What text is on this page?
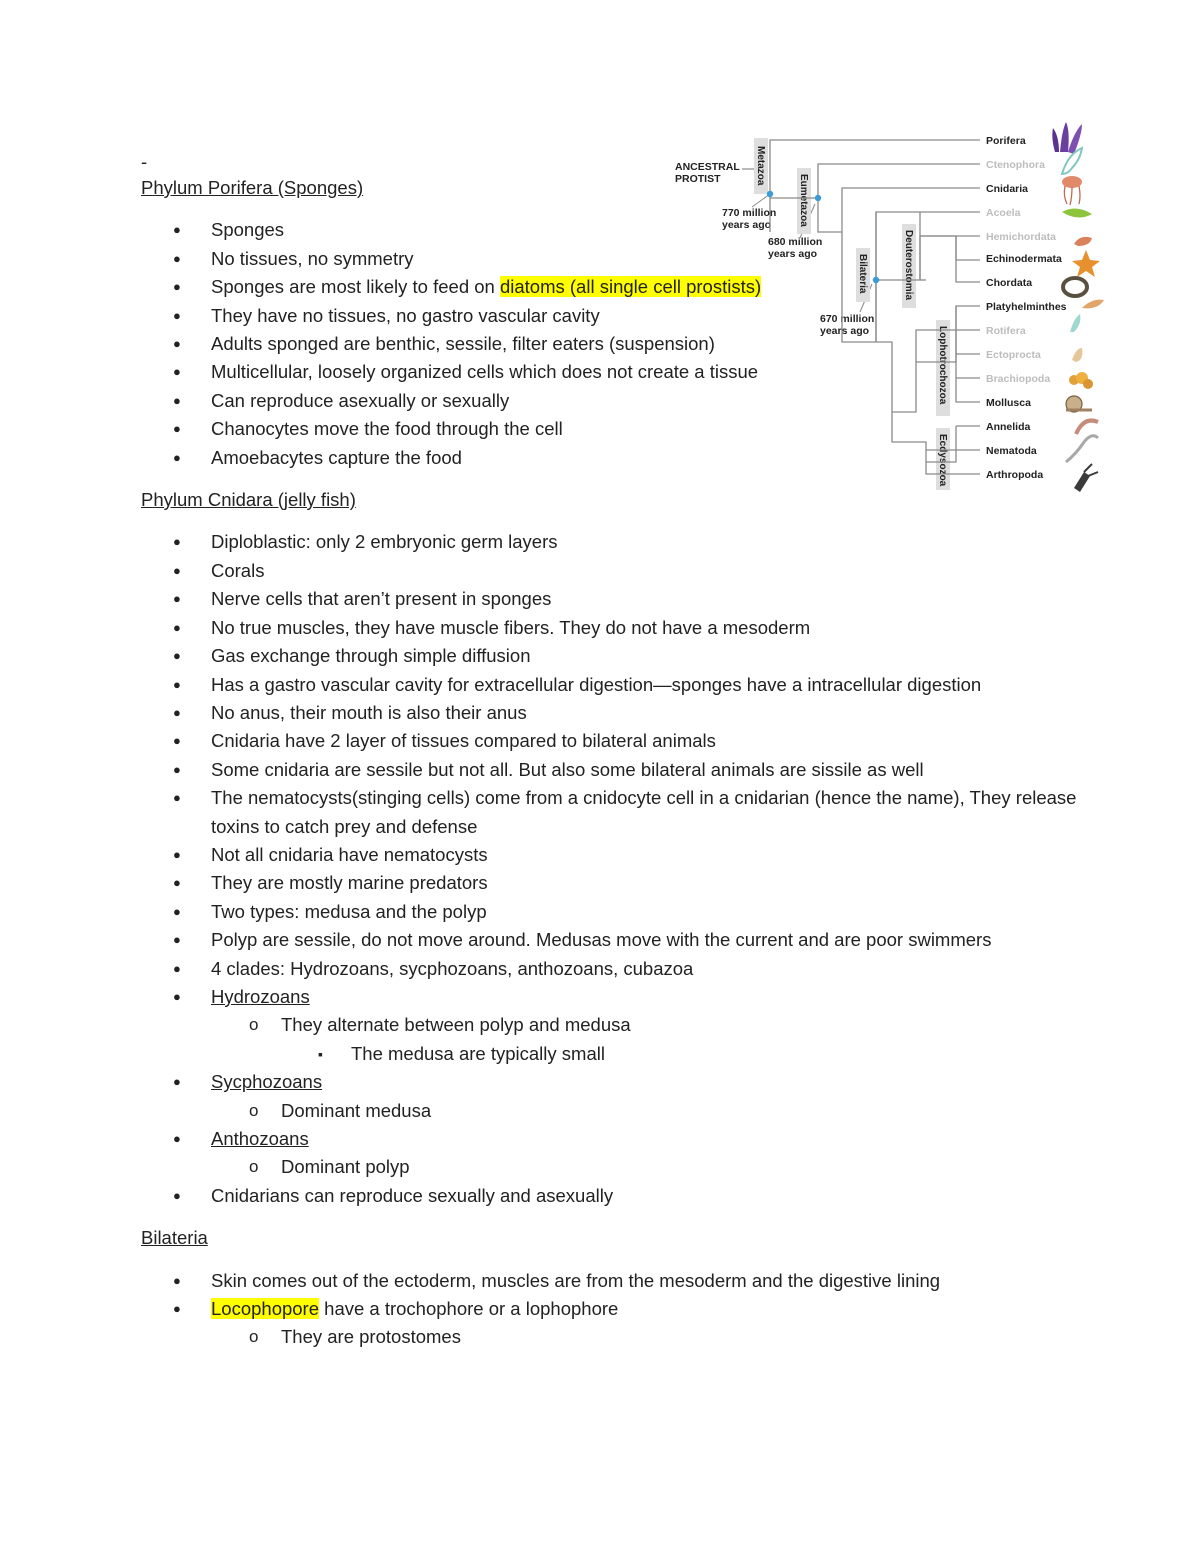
-

Phylum Porifera (Sponges)

● Sponges
● No tissues, no symmetry
● Sponges are most likely to feed on diatoms (all single cell prostists)
● They have no tissues, no gastro vascular cavity
● Adults sponged are benthic, sessile, filter eaters (suspension)
● Multicellular, loosely organized cells which does not create a tissue
● Can reproduce asexually or sexually
● Chanocytes move the food through the cell
● Amoebacytes capture the food

Phylum Cnidara (jelly fish)

● Diploblastic: only 2 embryonic germ layers
● Corals
● Nerve cells that aren’t present in sponges
● No true muscles, they have muscle fibers. They do not have a mesoderm
● Gas exchange through simple diffusion
● Has a gastro vascular cavity for extracellular digestion—sponges have a intracellular digestion
● No anus, their mouth is also their anus
● Cnidaria have 2 layer of tissues compared to bilateral animals
● Some cnidaria are sessile but not all. But also some bilateral animals are sissile as well
● The nematocysts(stinging cells) come from a cnidocyte cell in a cnidarian (hence the name), They release toxins to catch prey and defense
● Not all cnidaria have nematocysts
● They are mostly marine predators
● Two types: medusa and the polyp
● Polyp are sessile, do not move around. Medusas move with the current and are poor swimmers
● 4 clades: Hydrozoans, sycphozoans, anthozoans, cubazoa
● Hydrozoans
o They alternate between polyp and medusa
▪ The medusa are typically small
● Sycphozoans
o Dominant medusa
● Anthozoans
o Dominant polyp
● Cnidarians can reproduce sexually and asexually

Bilateria

● Skin comes out of the ectoderm, muscles are from the mesoderm and the digestive lining
● Locophopore have a trochophore or a lophophore
o They are protostomes
ANCESTRAL
PROTIST
770 million
years ago
680 million
years ago
670 million
years ago
Metazoa
Eumetazoa
Bilateria	Deuterostomia
Lophotrochozoa
Ecdysozoa
Porifera
Ctenophora
Cnidaria
Acoela
Hemichordata
Echinodermata
Chordata
Platyhelminthes
Rotifera
Ectoprocta
Brachiopoda
Mollusca
Annelida
Nematoda
Arthropoda
